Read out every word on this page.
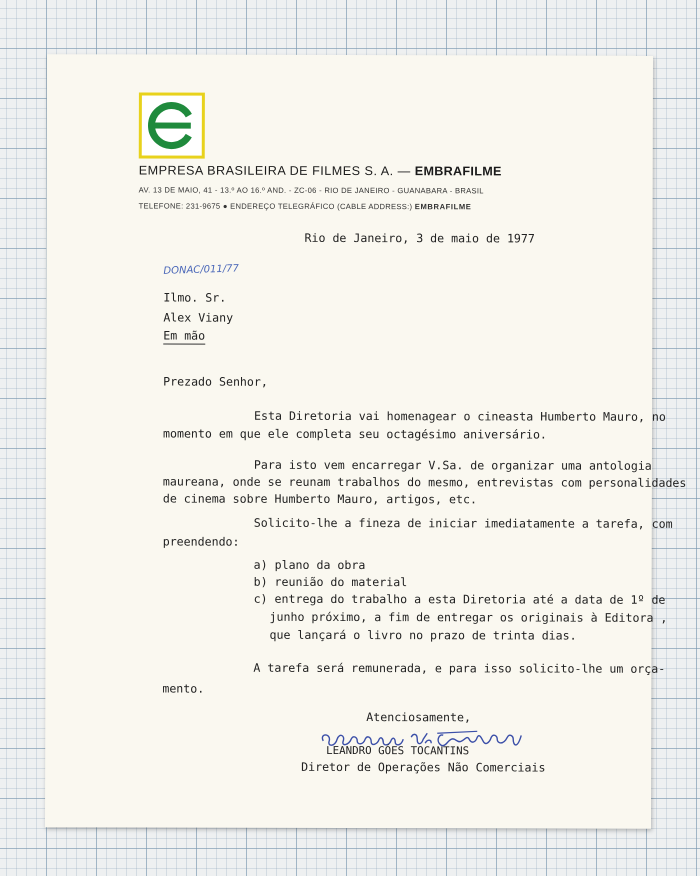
EMPRESA BRASILEIRA DE FILMES S. A. — EMBRAFILME
AV. 13 DE MAIO, 41 - 13.º AO 16.º AND. - ZC-06 - RIO DE JANEIRO - GUANABARA - BRASIL
TELEFONE: 231-9675 ● ENDEREÇO TELEGRÁFICO (CABLE ADDRESS:) EMBRAFILME
Rio de Janeiro, 3 de maio de 1977
DONAC/011/77
Ilmo. Sr.
Alex Viany
Em mão
Prezado Senhor,
Esta Diretoria vai homenagear o cineasta Humberto Mauro, no
momento em que ele completa seu octagésimo aniversário.
Para isto vem encarregar V.Sa. de organizar uma antologia
maureana, onde se reunam trabalhos do mesmo, entrevistas com personalidades
de cinema sobre Humberto Mauro, artigos, etc.
Solicito-lhe a fineza de iniciar imediatamente a tarefa, com
preendendo:
a) plano da obra
b) reunião do material
c) entrega do trabalho a esta Diretoria até a data de 1º de
junho próximo, a fim de entregar os originais à Editora ,
que lançará o livro no prazo de trinta dias.
A tarefa será remunerada, e para isso solicito-lhe um orça-
mento.
Atenciosamente,
LEANDRO GÓES TOCANTINS
Diretor de Operações Não Comerciais
